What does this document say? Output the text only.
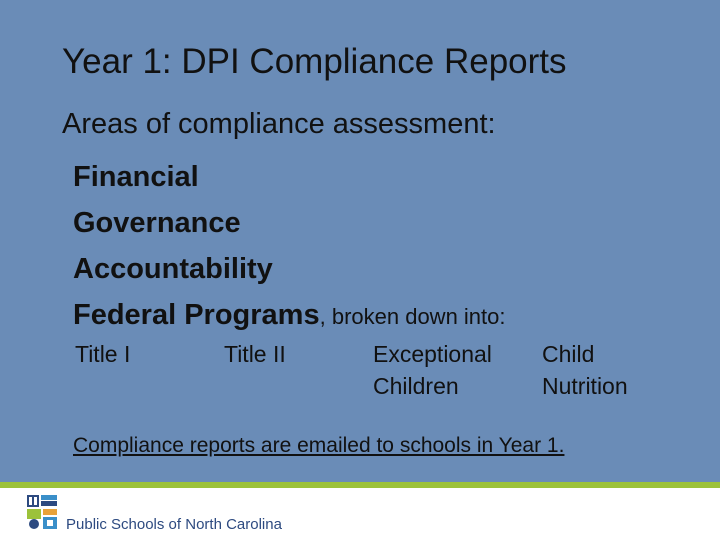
Year 1: DPI Compliance Reports
Areas of compliance assessment:
Financial
Governance
Accountability
Federal Programs, broken down into:
Title I	Title II	Exceptional
Children
Child
Nutrition
Compliance reports are emailed to schools in Year 1.
Public Schools of North Carolina
